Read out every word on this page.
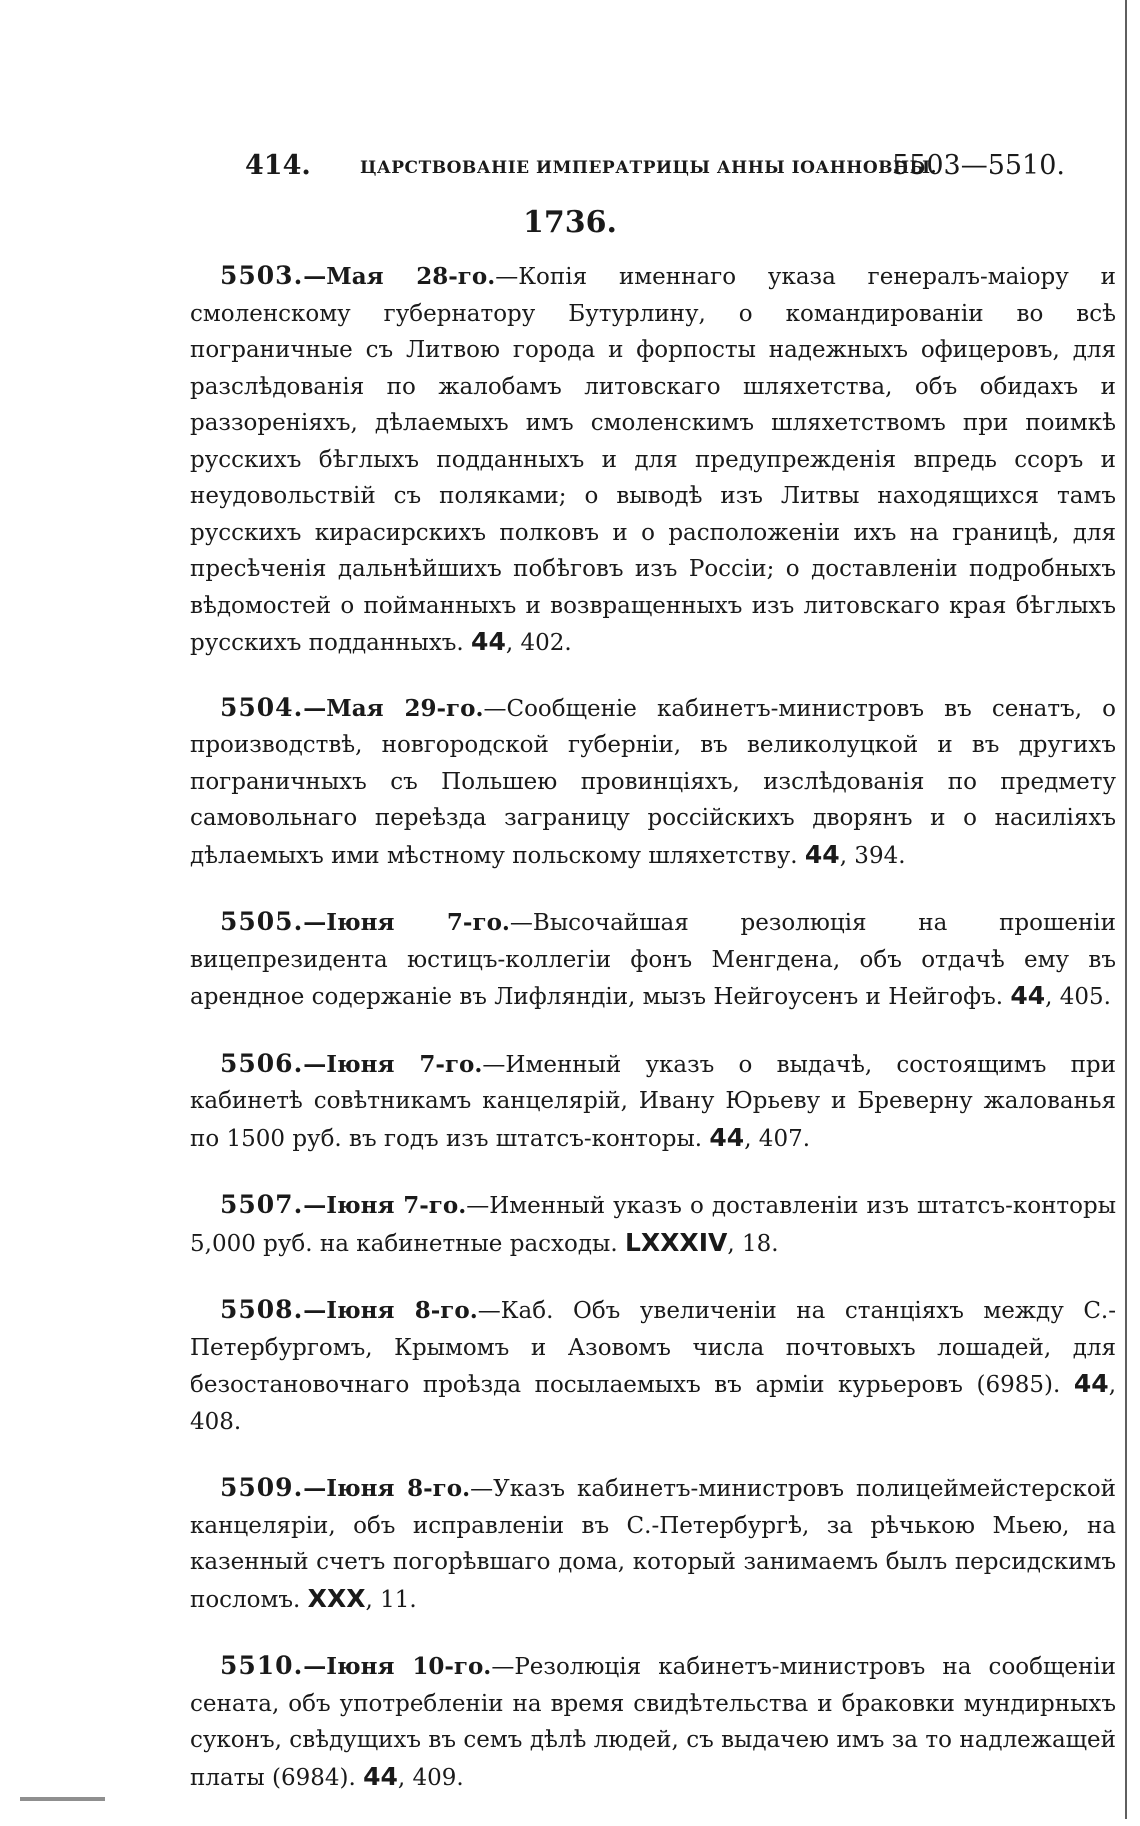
414.	ЦАРСТВОВАНІЕ ИМПЕРАТРИЦЫ АННЫ ІОАННОВНЫ.
5503—5510.
1736.

5503.—Мая 28-го.—Копія именнаго указа генералъ-маіору и смоленскому губернатору Бутурлину, о командированіи во всѣ пограничные съ Литвою города и форпосты надежныхъ офицеровъ, для разслѣдованія по жалобамъ литовскаго шляхетства, объ обидахъ и раззореніяхъ, дѣлаемыхъ имъ смоленскимъ шляхетствомъ при поимкѣ русскихъ бѣглыхъ подданныхъ и для предупрежденія впредь ссоръ и неудовольствій съ поляками; о выводѣ изъ Литвы находящихся тамъ русскихъ кирасирскихъ полковъ и о расположеніи ихъ на границѣ, для пресѣченія дальнѣйшихъ побѣговъ изъ Россіи; о доставленіи подробныхъ вѣдомостей о пойманныхъ и возвращенныхъ изъ литовскаго края бѣглыхъ русскихъ подданныхъ. 44, 402.

5504.—Мая 29-го.—Сообщеніе кабинетъ-министровъ въ сенатъ, о производствѣ, новгородской губерніи, въ великолуцкой и въ другихъ пограничныхъ съ Польшею провинціяхъ, изслѣдованія по предмету самовольнаго переѣзда заграницу россійскихъ дворянъ и о насиліяхъ дѣлаемыхъ ими мѣстному польскому шляхетству. 44, 394.

5505.—Іюня 7-го.—Высочайшая резолюція на прошеніи вицепрезидента юстицъ-коллегіи фонъ Менгдена, объ отдачѣ ему въ арендное содержаніе въ Лифляндіи, мызъ Нейгоусенъ и Нейгофъ. 44, 405.

5506.—Іюня 7-го.—Именный указъ о выдачѣ, состоящимъ при кабинетѣ совѣтникамъ канцелярій, Ивану Юрьеву и Бреверну жалованья по 1500 руб. въ годъ изъ штатсъ-конторы. 44, 407.

5507.—Іюня 7-го.—Именный указъ о доставленіи изъ штатсъ-конторы 5,000 руб. на кабинетные расходы. LXXXIV, 18.

5508.—Іюня 8-го.—Каб. Объ увеличеніи на станціяхъ между С.-Петербургомъ, Крымомъ и Азовомъ числа почтовыхъ лошадей, для безостановочнаго проѣзда посылаемыхъ въ арміи курьеровъ (6985). 44, 408.

5509.—Іюня 8-го.—Указъ кабинетъ-министровъ полицеймейстерской канцеляріи, объ исправленіи въ С.-Петербургѣ, за рѣчькою Мьею, на казенный счетъ погорѣвшаго дома, который занимаемъ былъ персидскимъ посломъ. XXX, 11.

5510.—Іюня 10-го.—Резолюція кабинетъ-министровъ на сообщеніи сената, объ употребленіи на время свидѣтельства и браковки мундирныхъ суконъ, свѣдущихъ въ семъ дѣлѣ людей, съ выдачею имъ за то надлежащей платы (6984). 44, 409.
